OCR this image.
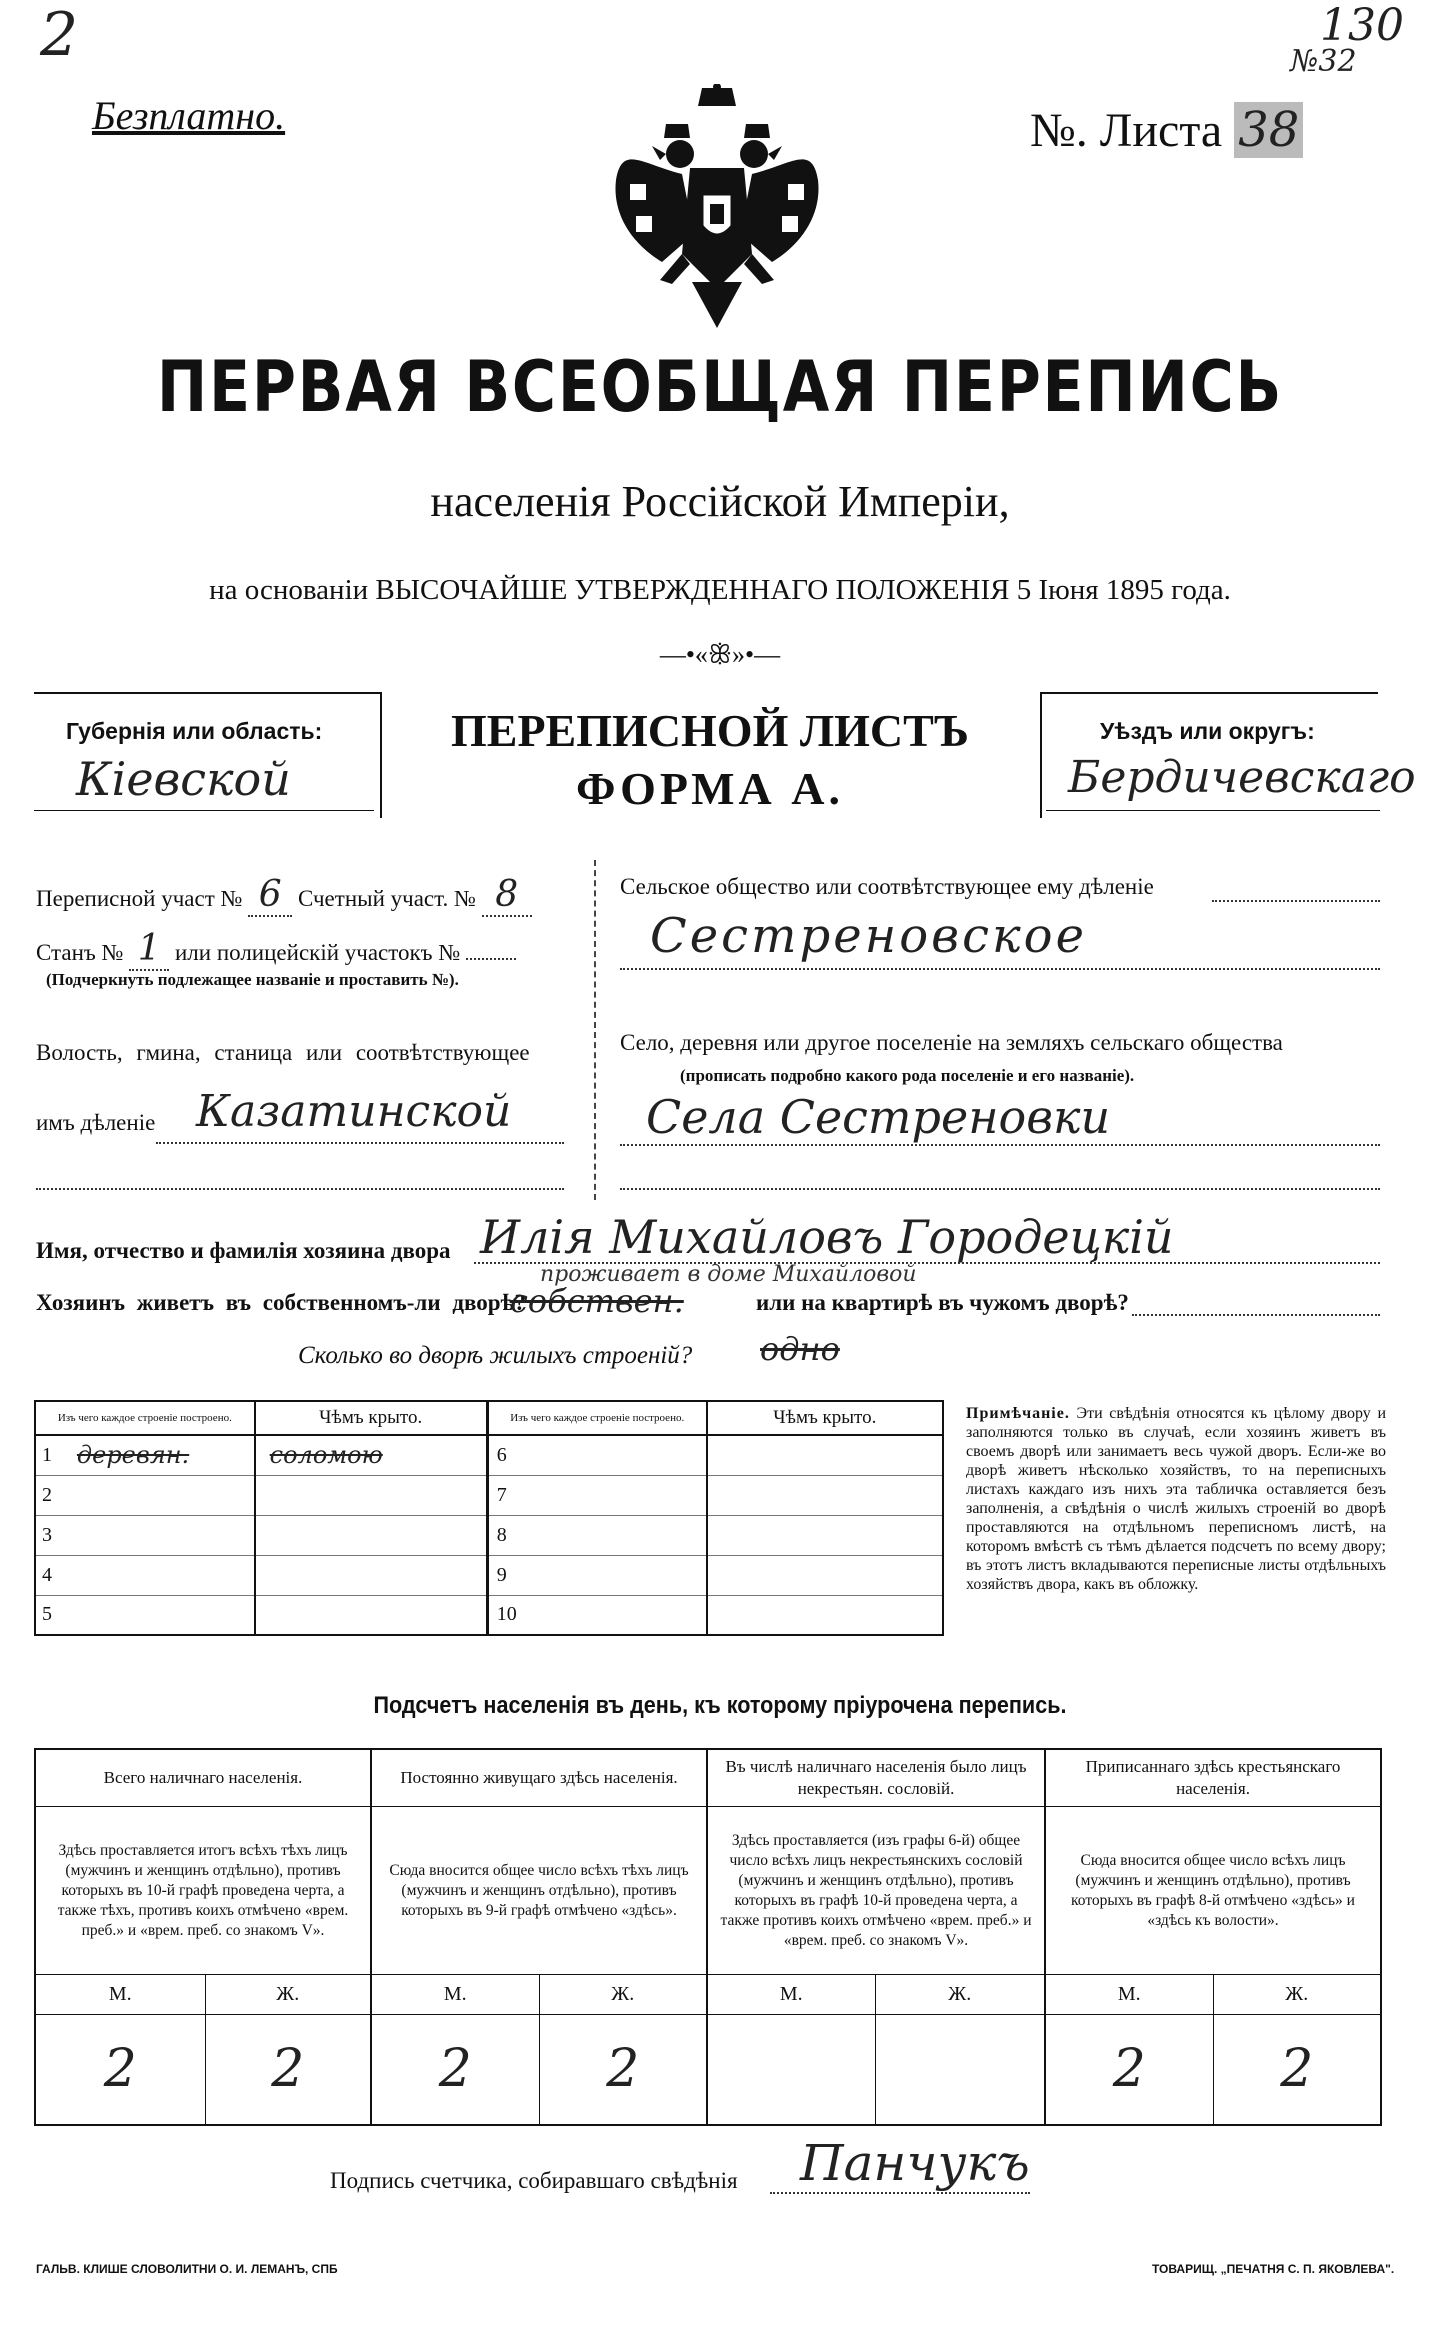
2	130
№32
Безплатно.	№. Листа 38
ПЕРВАЯ ВСЕОБЩАЯ ПЕРЕПИСЬ
населенія Россійской Имперіи,
на основаніи ВЫСОЧАЙШЕ УТВЕРЖДЕННАГО ПОЛОЖЕНІЯ 5 Іюня 1895 года.
—•«ꕥ»•—
Губернія или область:
Кіевской
ПЕРЕПИСНОЙ ЛИСТЪ
ФОРМА А.
Уѣздъ или округъ:
Бердичевскаго
Переписной участ № 6 Счетный участ. № 8
Станъ № 1 или полицейскій участокъ №
(Подчеркнуть подлежащее названіе и проставить №).
Волость, гмина, станица или соотвѣтствующее
имъ дѣленіе Казатинской
Сельское общество или соотвѣтствующее ему дѣленіе
Сестреновское
Село, деревня или другое поселеніе на земляхъ сельскаго общества
(прописать подробно какого рода поселеніе и его названіе).
Села Сестреновки
Имя, отчество и фамилія хозяина двора Илія Михайловъ Городецкій
проживает в доме Михайловой
Хозяинъ живетъ въ собственномъ-ли дворѣ?
собствен.	или на квартирѣ въ чужомъ дворѣ?
Сколько во дворѣ жилыхъ строеній? одно
Изъ чего каждое строеніе построено.		Чѣмъ крыто.	Изъ чего каждое строеніе построено.		Чѣмъ крыто.
1	деревян.	соломою	6		
2			7		
3			8		
4			9		
5			10		
Примѣчаніе. Эти свѣдѣнія относятся къ цѣлому двору и заполняются только въ случаѣ, если хозяинъ живетъ въ своемъ дворѣ или занимаетъ весь чужой дворъ. Если-же во дворѣ живетъ нѣсколько хозяйствъ, то на переписныхъ листахъ каждаго изъ нихъ эта табличка оставляется безъ заполненія, а свѣдѣнія о числѣ жилыхъ строеній во дворѣ проставляются на отдѣльномъ переписномъ листѣ, на которомъ вмѣстѣ съ тѣмъ дѣлается подсчетъ по всему двору; въ этотъ листъ вкладываются переписные листы отдѣльныхъ хозяйствъ двора, какъ въ обложку.
Подсчетъ населенія въ день, къ которому пріурочена перепись.
Всего наличнаго населенія.		Постоянно живущаго здѣсь населенія.		Въ числѣ наличнаго населенія было лицъ некрестьян. сословій.		Приписаннаго здѣсь крестьянскаго населенія.	
Здѣсь проставляется итогъ всѣхъ тѣхъ лицъ (мужчинъ и женщинъ отдѣльно), противъ которыхъ въ 10-й графѣ проведена черта, а также тѣхъ, противъ коихъ отмѣчено «врем. преб.» и «врем. преб. со знакомъ V».		Сюда вносится общее число всѣхъ тѣхъ лицъ (мужчинъ и женщинъ отдѣльно), противъ которыхъ въ 9-й графѣ отмѣчено «здѣсь».		Здѣсь проставляется (изъ графы 6-й) общее число всѣхъ лицъ некрестьянскихъ сословій (мужчинъ и женщинъ отдѣльно), противъ которыхъ въ графѣ 10-й проведена черта, а также противъ коихъ отмѣчено «врем. преб.» и «врем. преб. со знакомъ V».		Сюда вносится общее число всѣхъ лицъ (мужчинъ и женщинъ отдѣльно), противъ которыхъ въ графѣ 8-й отмѣчено «здѣсь» и «здѣсь къ волости».	
М.	Ж.	М.	Ж.	М.	Ж.	М.	Ж.
2	2	2	2			2	2
Подпись счетчика, собиравшаго свѣдѣнія Панчукъ
ГАЛЬВ. КЛИШЕ СЛОВОЛИТНИ О. И. ЛЕМАНЪ, СПБ	ТОВАРИЩ. „ПЕЧАТНЯ С. П. ЯКОВЛЕВА".
